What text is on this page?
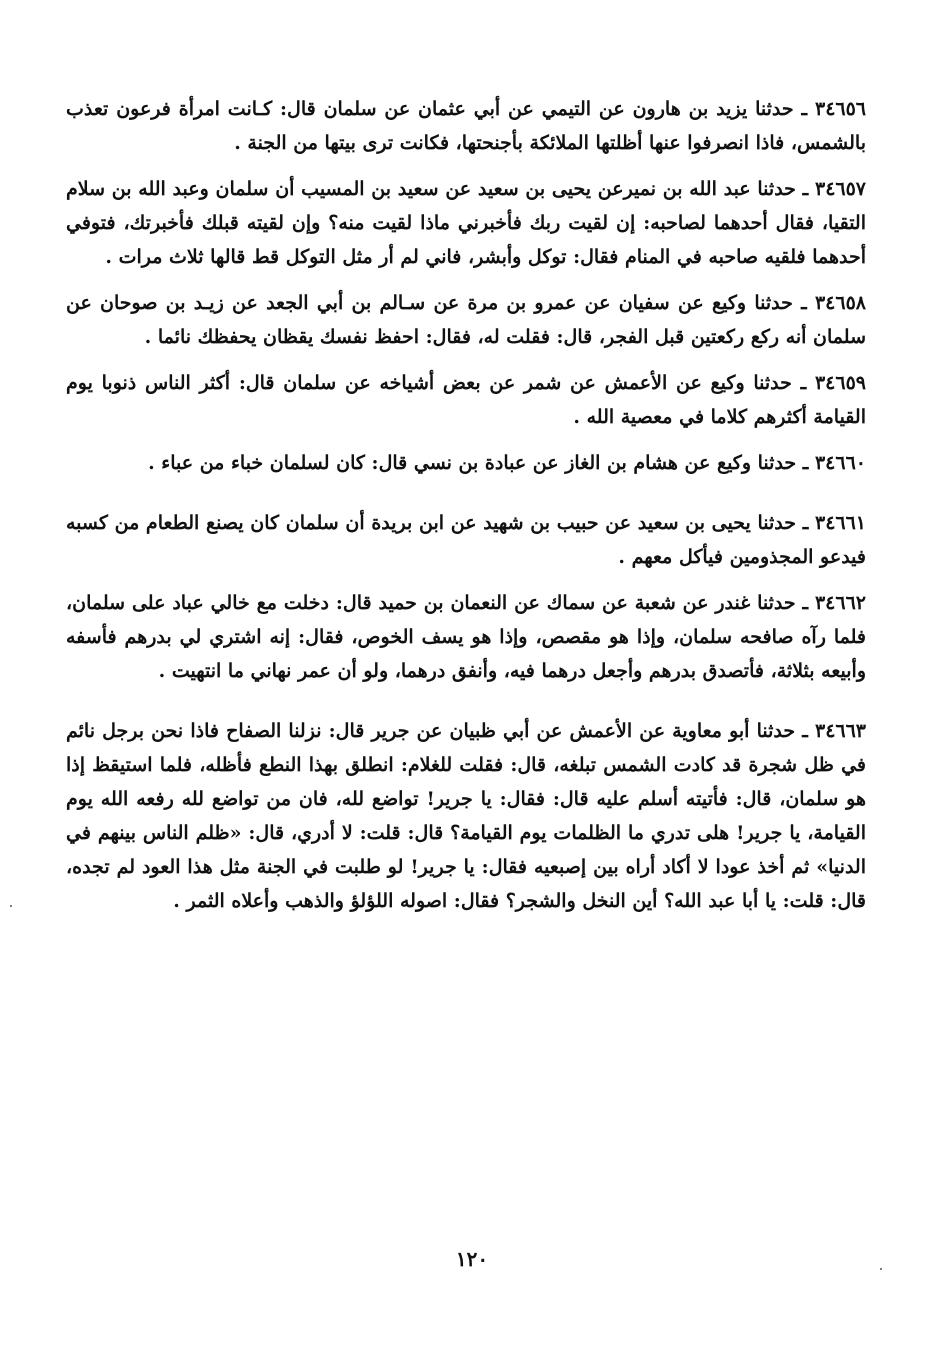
٣٤٦٥٦ ـ حدثنا يزيد بن هارون عن التيمي عن أبي عثمان عن سلمان قال: كـانت امرأة فرعون تعذب بالشمس، فاذا انصرفوا عنها أظلتها الملائكة بأجنحتها، فكانت ترى بيتها من الجنة .

٣٤٦٥٧ ـ حدثنا عبد الله بن نميرعن يحيى بن سعيد عن سعيد بن المسيب أن سلمان وعبد الله بن سلام التقيا، فقال أحدهما لصاحبه: إن لقيت ربك فأخبرني ماذا لقيت منه؟ وإن لقيته قبلك فأخبرتك، فتوفي أحدهما فلقيه صاحبه في المنام فقال: توكل وأبشر، فاني لم أر مثل التوكل قط قالها ثلاث مرات .

٣٤٦٥٨ ـ حدثنا وكيع عن سفيان عن عمرو بن مرة عن سـالم بن أبي الجعد عن زيـد بن صوحان عن سلمان أنه ركع ركعتين قبل الفجر، قال: فقلت له، فقال: احفظ نفسك يقظان يحفظك نائما .

٣٤٦٥٩ ـ حدثنا وكيع عن الأعمش عن شمر عن بعض أشياخه عن سلمان قال: أكثر الناس ذنوبا يوم القيامة أكثرهم كلاما في معصية الله .

٣٤٦٦٠ ـ حدثنا وكيع عن هشام بن الغاز عن عبادة بن نسي قال: كان لسلمان خباء من عباء .

٣٤٦٦١ ـ حدثنا يحيى بن سعيد عن حبيب بن شهيد عن ابن بريدة أن سلمان كان يصنع الطعام من كسبه فيدعو المجذومين فيأكل معهم .

٣٤٦٦٢ ـ حدثنا غندر عن شعبة عن سماك عن النعمان بن حميد قال: دخلت مع خالي عباد على سلمان، فلما رآه صافحه سلمان، وإذا هو مقصص، وإذا هو يسف الخوص، فقال: إنه اشتري لي بدرهم فأسفه وأبيعه بثلاثة، فأتصدق بدرهم وأجعل درهما فيه، وأنفق درهما، ولو أن عمر نهاني ما انتهيت .

٣٤٦٦٣ ـ حدثنا أبو معاوية عن الأعمش عن أبي ظبيان عن جرير قال: نزلنا الصفاح فاذا نحن برجل نائم في ظل شجرة قد كادت الشمس تبلغه، قال: فقلت للغلام: انطلق بهذا النطع فأظله، فلما استيقظ إذا هو سلمان، قال: فأتيته أسلم عليه قال: فقال: يا جرير! تواضع لله، فان من تواضع لله رفعه الله يوم القيامة، يا جرير! هلى تدري ما الظلمات يوم القيامة؟ قال: قلت: لا أدري، قال: «ظلم الناس بينهم في الدنيا» ثم أخذ عودا لا أكاد أراه بين إصبعيه فقال: يا جرير! لو طلبت في الجنة مثل هذا العود لم تجده، قال: قلت: يا أبا عبد الله؟ أين النخل والشجر؟ فقال: اصوله اللؤلؤ والذهب وأعلاه الثمر .

١٢٠
